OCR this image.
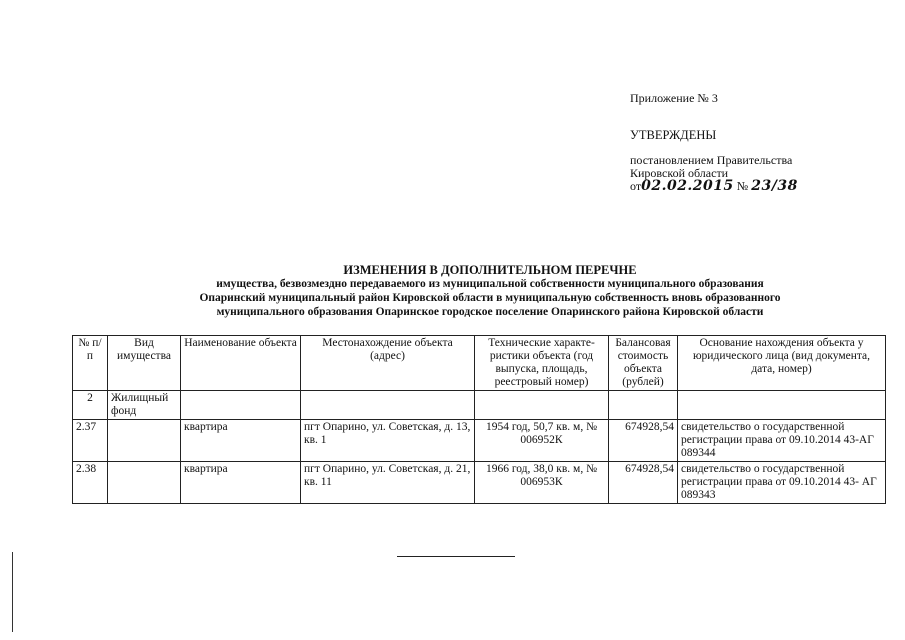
Приложение № 3

УТВЕРЖДЕНЫ

постановлением Правительства
Кировской области
от02.02.2015 № 23/38

ИЗМЕНЕНИЯ В ДОПОЛНИТЕЛЬНОМ ПЕРЕЧНЕ
имущества, безвозмездно передаваемого из муниципальной собственности муниципального образования
Опаринский муниципальный район Кировской области в муниципальную собственность вновь образованного
муниципального образования Опаринское городское поселение Опаринского района Кировской области
№ п/п	Вид имущества	Наименование объекта	Местонахождение объекта (адрес)	Технические характе-ристики объекта (год выпуска, площадь, реестровый номер)	Балансовая стоимость объекта (рублей)	Основание нахождения объекта у юридического лица (вид документа, дата, номер)
2	Жилищный фонд					
2.37		квартира	пгт Опарино, ул. Советская, д. 13, кв. 1	1954 год, 50,7 кв. м, № 006952К	674928,54	свидетельство о государственной регистрации права от 09.10.2014 43-АГ 089344
2.38		квартира	пгт Опарино, ул. Советская, д. 21, кв. 11	1966 год, 38,0 кв. м, № 006953К	674928,54	свидетельство о государственной регистрации права от 09.10.2014 43- АГ 089343
